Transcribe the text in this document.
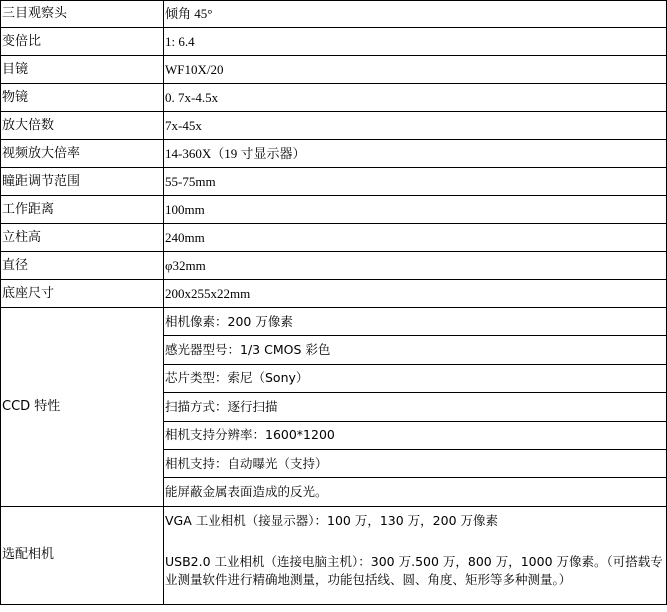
三目观察头	倾角 45°
变倍比	1: 6.4
目镜	WF10X/20
物镜	0. 7x-4.5x
放大倍数	7x-45x
视频放大倍率	14-360X（19 寸显示器）
瞳距调节范围	55-75mm
工作距离	100mm
立柱高	240mm
直径	φ32mm
底座尺寸	200x255x22mm
CCD 特性	相机像素：200 万像素
	感光器型号：1/3 CMOS 彩色
	芯片类型：索尼（Sony）
	扫描方式：逐行扫描
	相机支持分辨率：1600*1200
	相机支持：自动曝光（支持）
	能屏蔽金属表面造成的反光。
选配相机	VGA 工业相机（接显示器）：100 万，130 万，200 万像素
	USB2.0 工业相机（连接电脑主机）：300 万.500 万，800 万，1000 万像素。（可搭载专业测量软件进行精确地测量，功能包括线、圆、角度、矩形等多种测量。）
